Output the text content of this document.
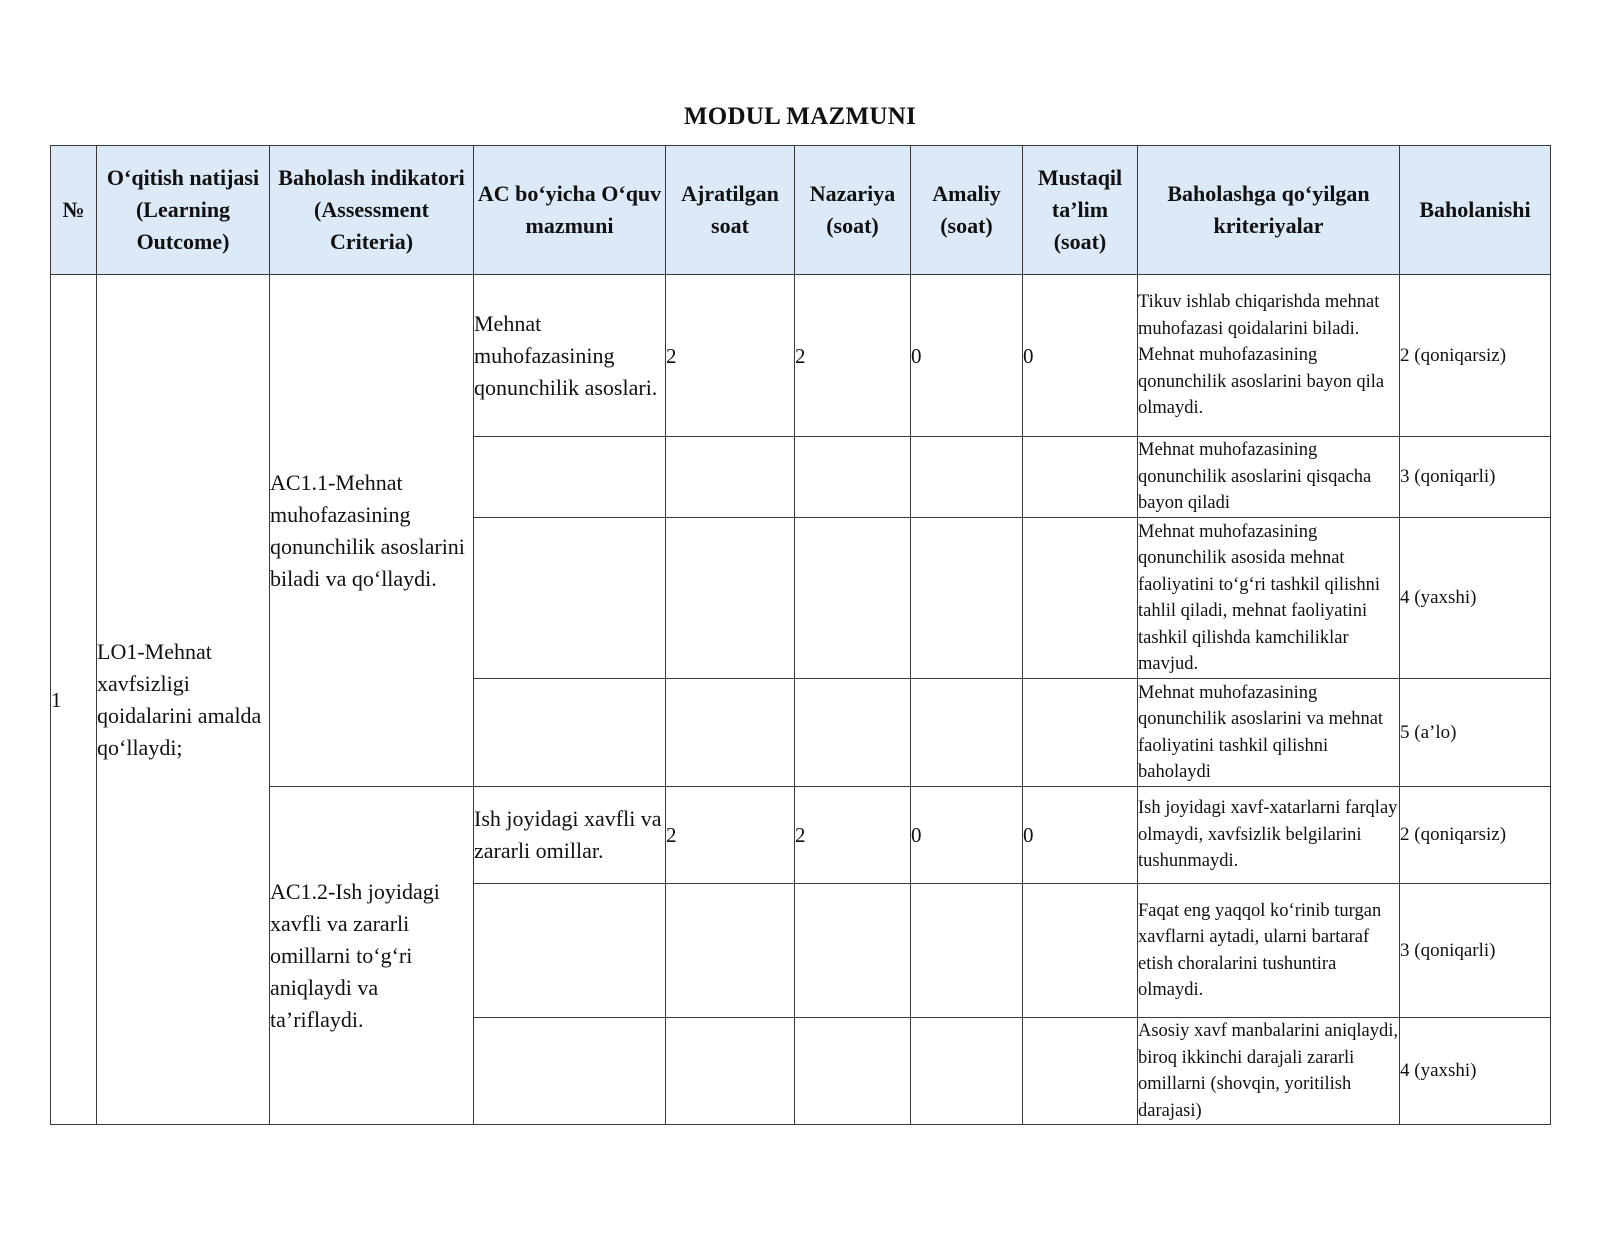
MODUL MAZMUNI
№	O‘qitish natijasi (Learning Outcome)	Baholash indikatori (Assessment Criteria)	AC bo‘yicha O‘quv mazmuni	Ajratilgan soat	Nazariya (soat)	Amaliy (soat)	Mustaqil ta’lim (soat)	Baholashga qo‘yilgan kriteriyalar	Baholanishi
1	LO1-Mehnat xavfsizligi qoidalarini amalda qo‘llaydi;	AC1.1-Mehnat muhofazasining qonunchilik asoslarini biladi va qo‘llaydi.	Mehnat muhofazasining qonunchilik asoslari.	2	2	0	0	Tikuv ishlab chiqarishda mehnat muhofazasi qoidalarini biladi. Mehnat muhofazasining qonunchilik asoslarini bayon qila olmaydi.	2 (qoniqarsiz)
								Mehnat muhofazasining qonunchilik asoslarini qisqacha bayon qiladi	3 (qoniqarli)
								Mehnat muhofazasining qonunchilik asosida mehnat faoliyatini to‘g‘ri tashkil qilishni tahlil qiladi, mehnat faoliyatini tashkil qilishda kamchiliklar mavjud.	4 (yaxshi)
								Mehnat muhofazasining qonunchilik asoslarini va mehnat faoliyatini tashkil qilishni baholaydi	5 (a’lo)
		AC1.2-Ish joyidagi xavfli va zararli omillarni to‘g‘ri aniqlaydi va ta’riflaydi.	Ish joyidagi xavfli va zararli omillar.	2	2	0	0	Ish joyidagi xavf-xatarlarni farqlay olmaydi, xavfsizlik belgilarini tushunmaydi.	2 (qoniqarsiz)
								Faqat eng yaqqol ko‘rinib turgan xavflarni aytadi, ularni bartaraf etish choralarini tushuntira olmaydi.	3 (qoniqarli)
								Asosiy xavf manbalarini aniqlaydi, biroq ikkinchi darajali zararli omillarni (shovqin, yoritilish darajasi)	4 (yaxshi)
